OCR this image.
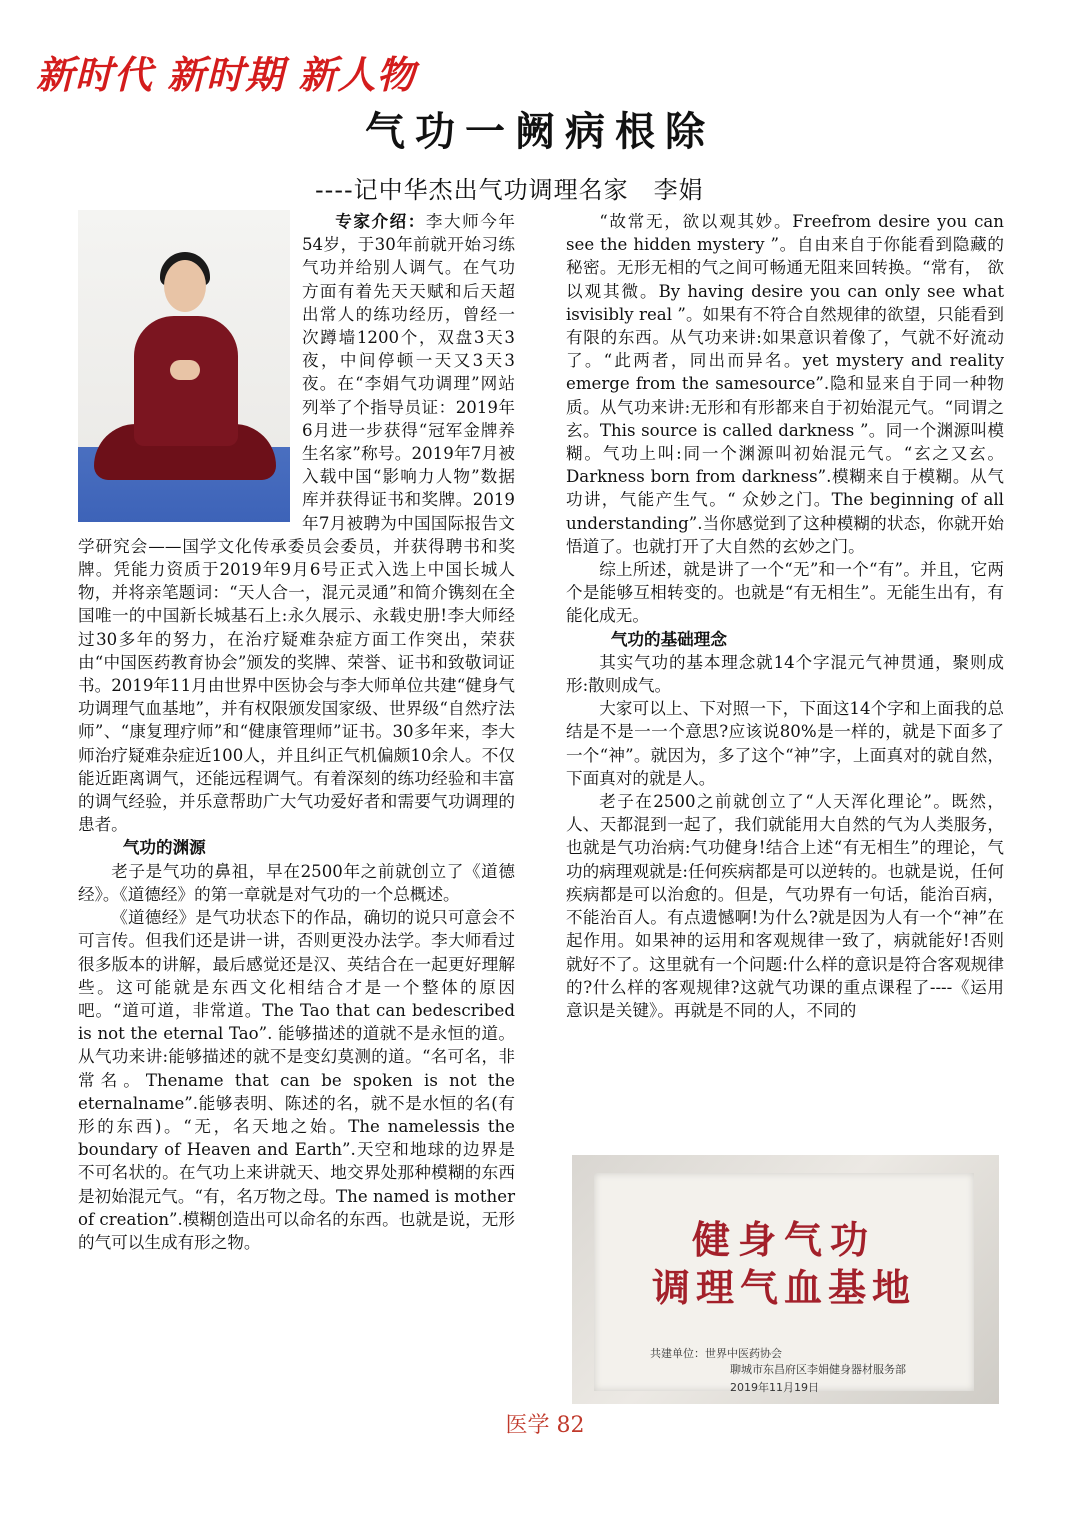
新时代 新时期 新人物
气功一阙病根除
----记中华杰出气功调理名家　李娟

专家介绍：李大师今年54岁，于30年前就开始习练气功并给别人调气。在气功方面有着先天天赋和后天超出常人的练功经历，曾经一次蹲墙1200个，双盘3天3夜，中间停顿一天又3天3夜。在“李娟气功调理”网站列举了个指导员证：2019年6月进一步获得“冠军金牌养生名家”称号。2019年7月被入载中国“影响力人物”数据库并获得证书和奖牌。2019年7月被聘为中国国际报告文学研究会——国学文化传承委员会委员，并获得聘书和奖牌。凭能力资质于2019年9月6号正式入选上中国长城人物，并将亲笔题词：“天人合一，混元灵通”和简介镌刻在全国唯一的中国新长城基石上:永久展示、永载史册!李大师经过30多年的努力，在治疗疑难杂症方面工作突出，荣获由“中国医药教育协会”颁发的奖牌、荣誉、证书和致敬词证书。2019年11月由世界中医协会与李大师单位共建“健身气功调理气血基地”，并有权限颁发国家级、世界级“自然疗法师”、“康复理疗师”和“健康管理师”证书。30多年来，李大师治疗疑难杂症近100人，并且纠正气机偏颇10余人。不仅能近距离调气，还能远程调气。有着深刻的练功经验和丰富的调气经验，并乐意帮助广大气功爱好者和需要气功调理的患者。

气功的渊源

老子是气功的鼻祖，早在2500年之前就创立了《道德经》。《道德经》的第一章就是对气功的一个总概述。

《道德经》是气功状态下的作品，确切的说只可意会不可言传。但我们还是讲一讲，否则更没办法学。李大师看过很多版本的讲解，最后感觉还是汉、英结合在一起更好理解些。这可能就是东西文化相结合才是一个整体的原因吧。“道可道，非常道。The Tao that can bedescribed is not the eternal Tao”. 能够描述的道就不是永恒的道。从气功来讲:能够描述的就不是变幻莫测的道。“名可名，非常名。Thename that can be spoken is not the eternalname”.能够表明、陈述的名，就不是水恒的名(有形的东西)。“无，名天地之始。The namelessis the boundary of Heaven and Earth”.天空和地球的边界是不可名状的。在气功上来讲就天、地交界处那种模糊的东西是初始混元气。“有，名万物之母。The named is mother of creation”.模糊创造出可以命名的东西。也就是说，无形的气可以生成有形之物。

“故常无，欲以观其妙。Freefrom desire you can see the hidden mystery ”。自由来自于你能看到隐藏的秘密。无形无相的气之间可畅通无阻来回转换。“常有， 欲以观其微。By having desire you can only see what isvisibly real ”。如果有不符合自然规律的欲望，只能看到有限的东西。从气功来讲:如果意识着像了，气就不好流动了。“此两者，同出而异名。yet mystery and reality emerge from the samesource”.隐和显来自于同一种物质。从气功来讲:无形和有形都来自于初始混元气。“同谓之玄。This source is called darkness ”。同一个渊源叫模糊。气功上叫:同一个渊源叫初始混元气。“玄之又玄。Darkness born from darkness”.模糊来自于模糊。从气功讲，气能产生气。“ 众妙之门。The beginning of all understanding”.当你感觉到了这种模糊的状态，你就开始悟道了。也就打开了大自然的玄妙之门。

综上所述，就是讲了一个“无”和一个“有”。并且，它两个是能够互相转变的。也就是“有无相生”。无能生出有，有能化成无。

气功的基础理念

其实气功的基本理念就14个字混元气神贯通，聚则成形:散则成气。

大家可以上、下对照一下，下面这14个字和上面我的总结是不是一一个意思?应该说80%是一样的，就是下面多了一个“神”。就因为，多了这个“神”字，上面真对的就自然，下面真对的就是人。

老子在2500之前就创立了“人天浑化理论”。既然，人、天都混到一起了，我们就能用大自然的气为人类服务，也就是气功治病:气功健身!结合上述“有无相生”的理论，气功的病理观就是:任何疾病都是可以逆转的。也就是说，任何疾病都是可以治愈的。但是，气功界有一句话，能治百病，不能治百人。有点遗憾啊!为什么?就是因为人有一个“神”在起作用。如果神的运用和客观规律一致了，病就能好!否则就好不了。这里就有一个问题:什么样的意识是符合客观规律的?什么样的客观规律?这就气功课的重点课程了----《运用意识是关键》。再就是不同的人，不同的

健身气功
调理气血基地
共建单位：世界中医药协会
聊城市东昌府区李娟健身器材服务部
2019年11月19日
医学 82
